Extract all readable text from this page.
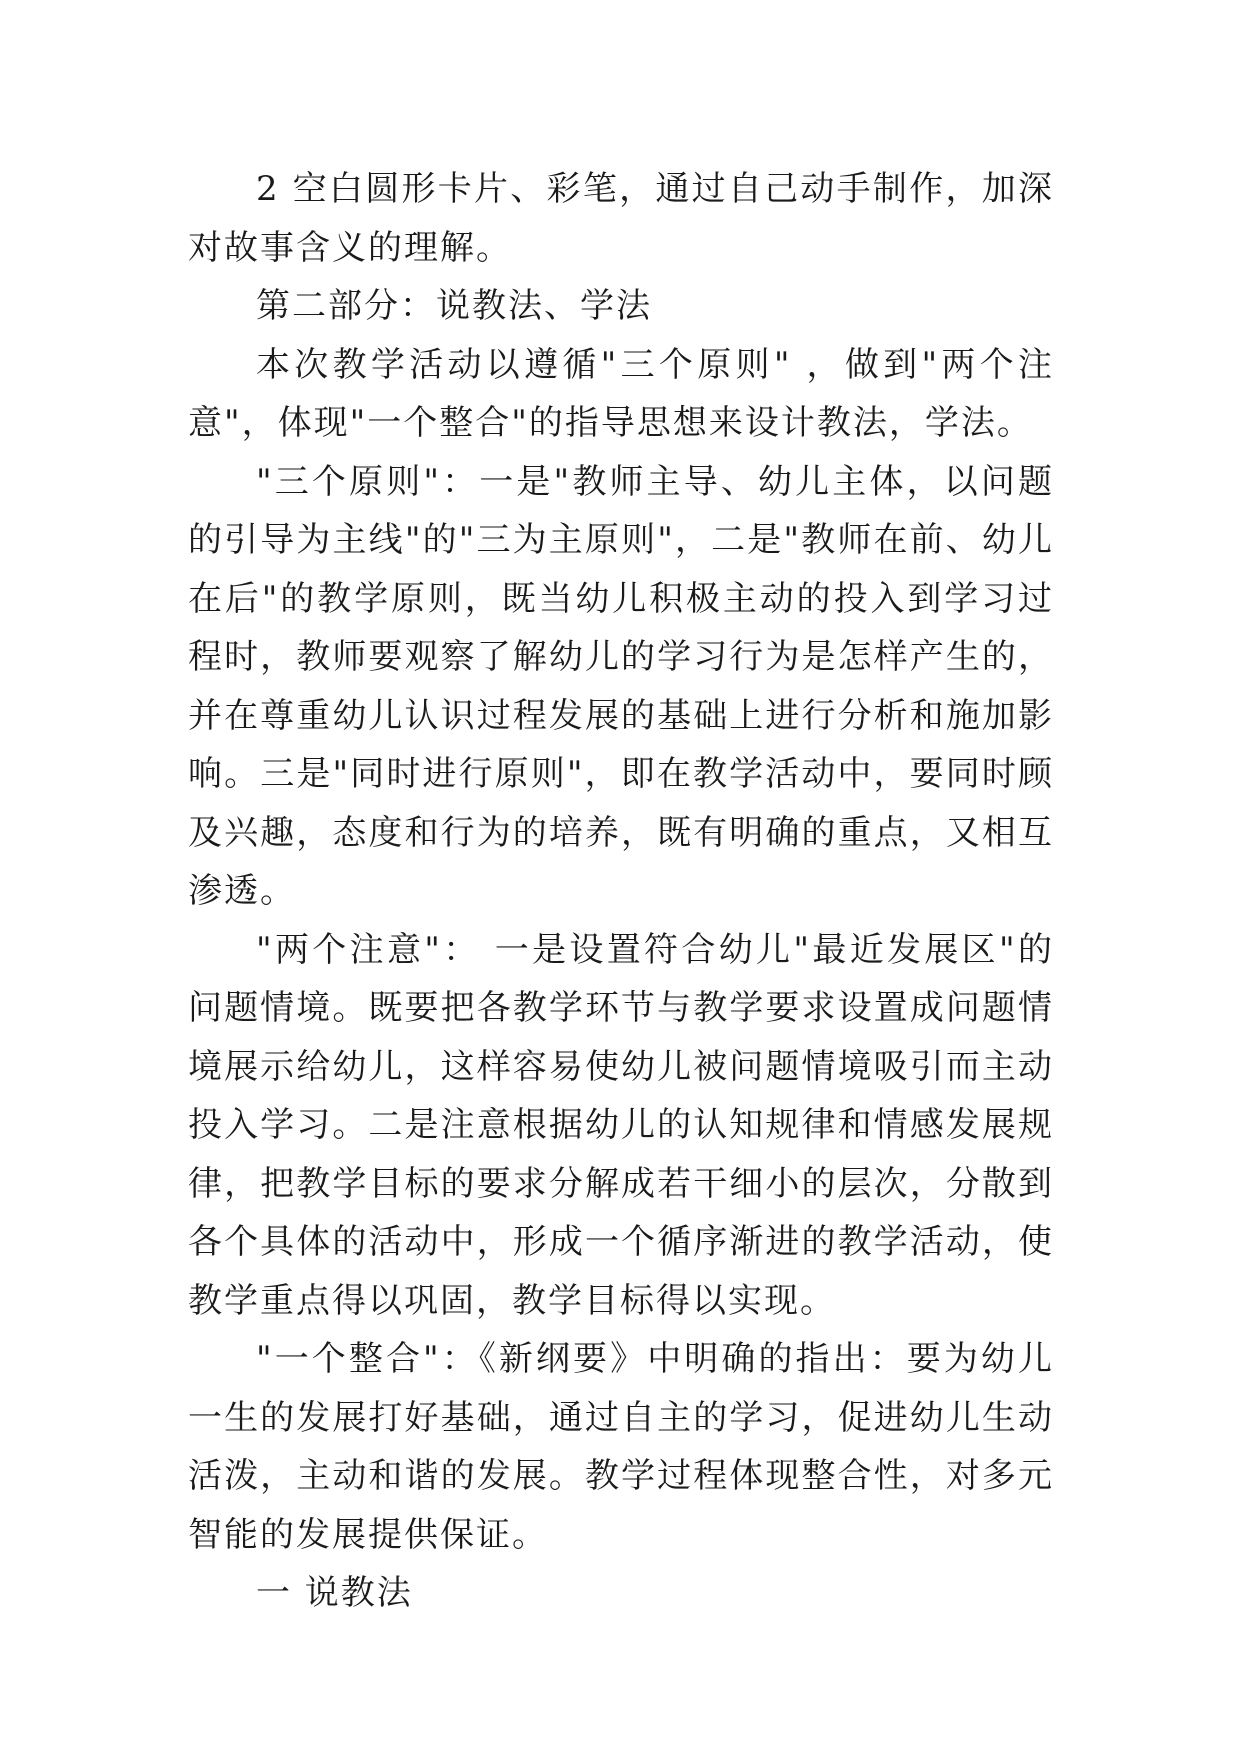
2 空白圆形卡片、彩笔，通过自己动手制作，加深对故事含义的理解。

第二部分：说教法、学法

本次教学活动以遵循"三个原则" ，做到"两个注意"，体现"一个整合"的指导思想来设计教法，学法。

"三个原则"：一是"教师主导、幼儿主体，以问题的引导为主线"的"三为主原则"，二是"教师在前、幼儿在后"的教学原则，既当幼儿积极主动的投入到学习过程时，教师要观察了解幼儿的学习行为是怎样产生的，并在尊重幼儿认识过程发展的基础上进行分析和施加影响。三是"同时进行原则"，即在教学活动中，要同时顾及兴趣，态度和行为的培养，既有明确的重点，又相互渗透。

"两个注意"： 一是设置符合幼儿"最近发展区"的问题情境。既要把各教学环节与教学要求设置成问题情境展示给幼儿，这样容易使幼儿被问题情境吸引而主动投入学习。二是注意根据幼儿的认知规律和情感发展规律，把教学目标的要求分解成若干细小的层次，分散到各个具体的活动中，形成一个循序渐进的教学活动，使教学重点得以巩固，教学目标得以实现。

"一个整合"：《新纲要》中明确的指出：要为幼儿一生的发展打好基础，通过自主的学习，促进幼儿生动活泼，主动和谐的发展。教学过程体现整合性，对多元智能的发展提供保证。

一 说教法
